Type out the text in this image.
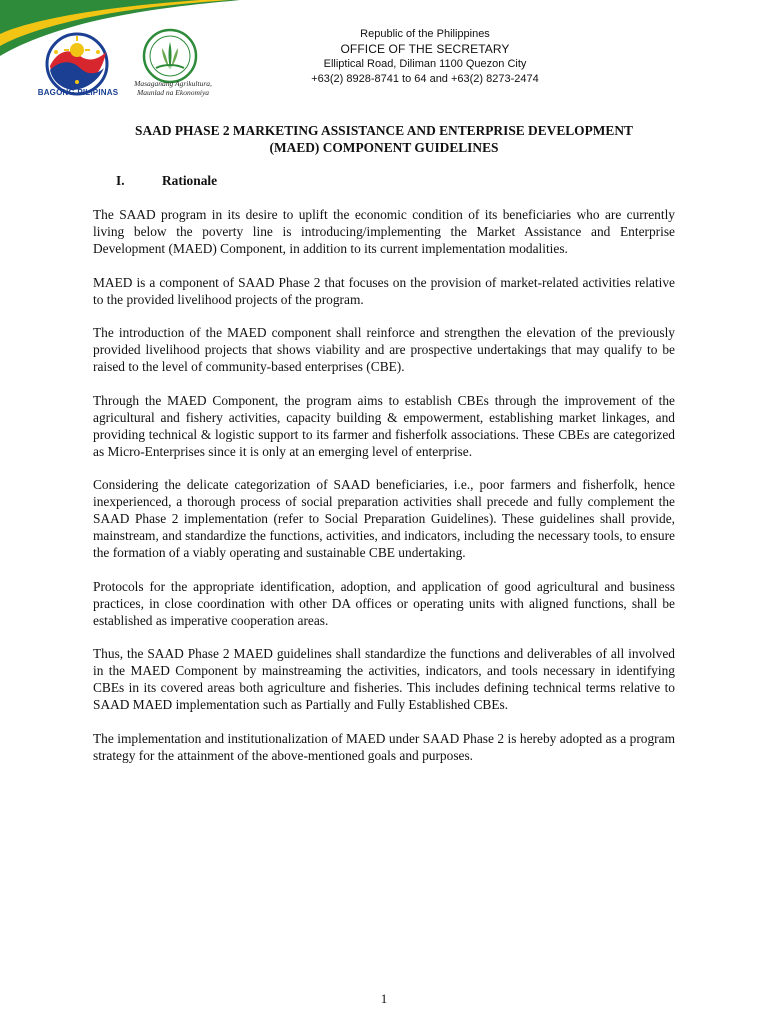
BAGONG PILIPINAS
Masaganang Agrikultura,
Maunlad na Ekonomiya
Republic of the Philippines
OFFICE OF THE SECRETARY
Elliptical Road, Diliman 1100 Quezon City
+63(2) 8928-8741 to 64 and +63(2) 8273-2474
SAAD PHASE 2 MARKETING ASSISTANCE AND ENTERPRISE DEVELOPMENT
(MAED) COMPONENT GUIDELINES
I.	Rationale

The SAAD program in its desire to uplift the economic condition of its beneficiaries who are currently living below the poverty line is introducing/implementing the Market Assistance and Enterprise Development (MAED) Component, in addition to its current implementation modalities.

MAED is a component of SAAD Phase 2 that focuses on the provision of market-related activities relative to the provided livelihood projects of the program.

The introduction of the MAED component shall reinforce and strengthen the elevation of the previously provided livelihood projects that shows viability and are prospective undertakings that may qualify to be raised to the level of community-based enterprises (CBE).

Through the MAED Component, the program aims to establish CBEs through the improvement of the agricultural and fishery activities, capacity building & empowerment, establishing market linkages, and providing technical & logistic support to its farmer and fisherfolk associations. These CBEs are categorized as Micro-Enterprises since it is only at an emerging level of enterprise.

Considering the delicate categorization of SAAD beneficiaries, i.e., poor farmers and fisherfolk, hence inexperienced, a thorough process of social preparation activities shall precede and fully complement the SAAD Phase 2 implementation (refer to Social Preparation Guidelines). These guidelines shall provide, mainstream, and standardize the functions, activities, and indicators, including the necessary tools, to ensure the formation of a viably operating and sustainable CBE undertaking.

Protocols for the appropriate identification, adoption, and application of good agricultural and business practices, in close coordination with other DA offices or operating units with aligned functions, shall be established as imperative cooperation areas.

Thus, the SAAD Phase 2 MAED guidelines shall standardize the functions and deliverables of all involved in the MAED Component by mainstreaming the activities, indicators, and tools necessary in identifying CBEs in its covered areas both agriculture and fisheries. This includes defining technical terms relative to SAAD MAED implementation such as Partially and Fully Established CBEs.

The implementation and institutionalization of MAED under SAAD Phase 2 is hereby adopted as a program strategy for the attainment of the above-mentioned goals and purposes.

1
